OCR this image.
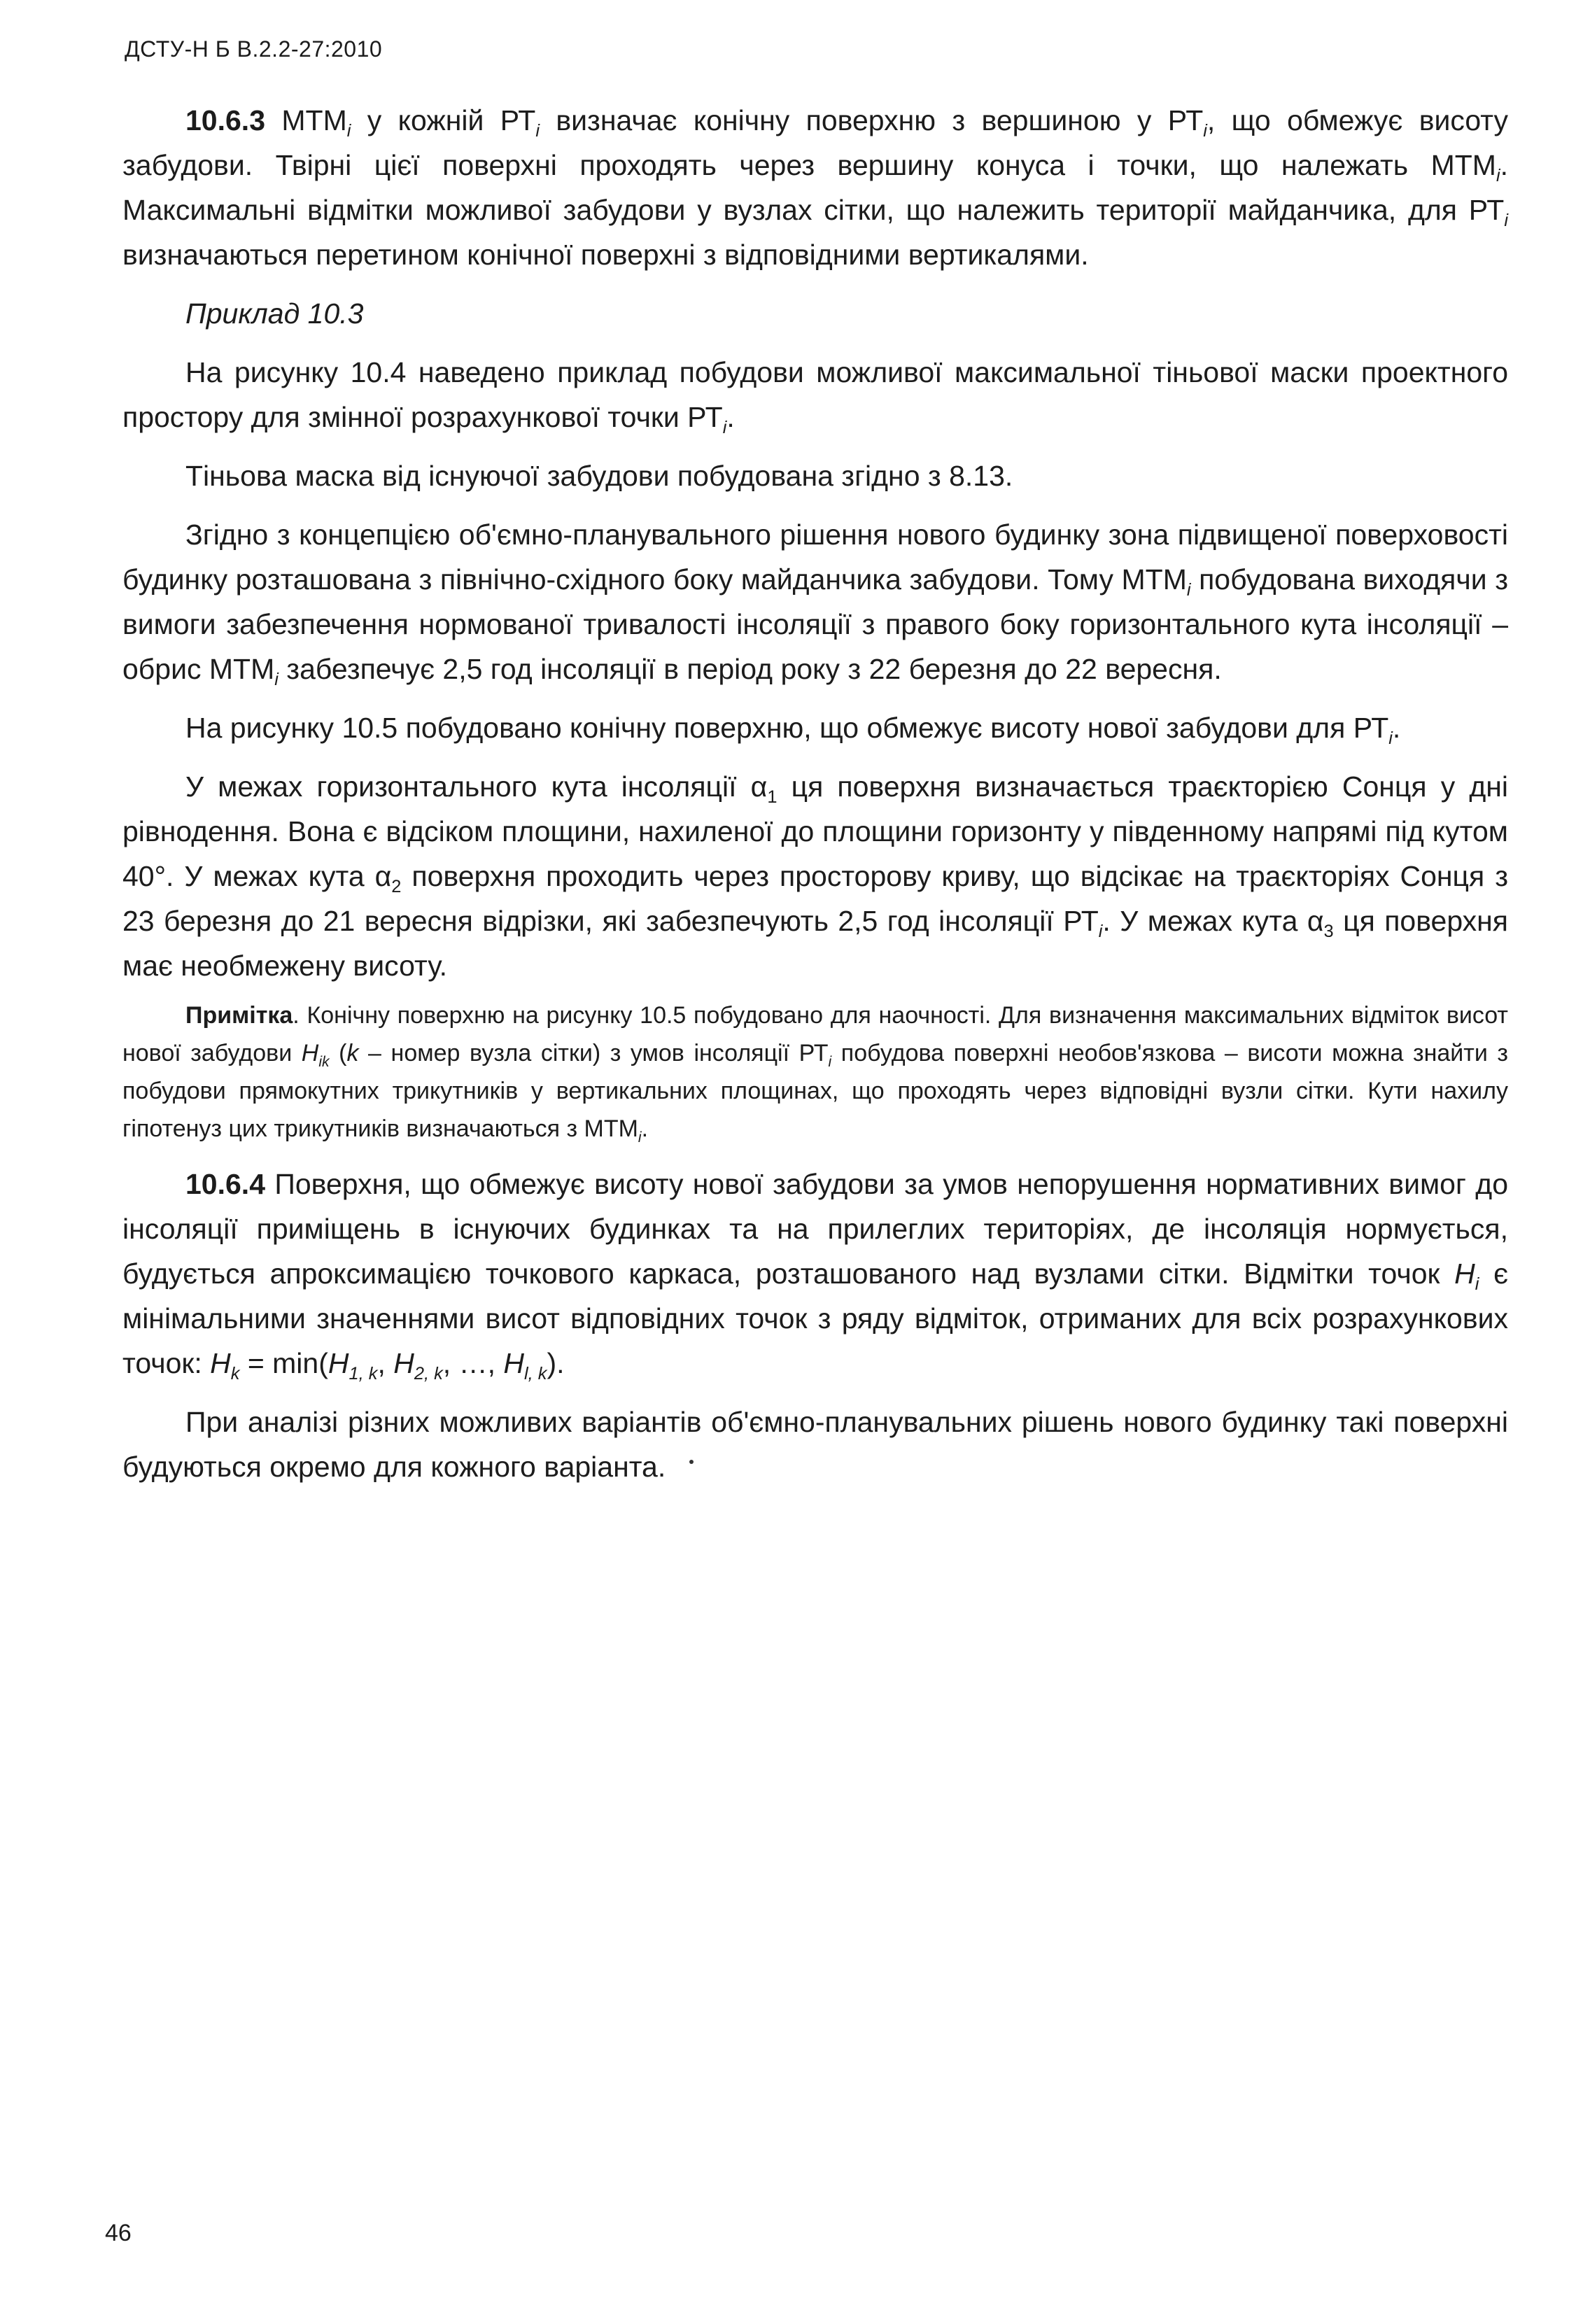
ДСТУ-Н Б В.2.2-27:2010

10.6.3 $МТМ_i$ у кожній $РТ_i$ визначає конічну поверхню з вершиною у $РТ_i$, що обмежує висоту забудови. Твірні цієї поверхні проходять через вершину конуса і точки, що належать $МТМ_i$. Максимальні відмітки можливої забудови у вузлах сітки, що належить території майданчика, для $РТ_i$ визначаються перетином конічної поверхні з відповідними вертикалями.

Приклад 10.3

На рисунку 10.4 наведено приклад побудови можливої максимальної тіньової маски проектного простору для змінної розрахункової точки $РТ_i$.

Тіньова маска від існуючої забудови побудована згідно з 8.13.

Згідно з концепцією об'ємно-планувального рішення нового будинку зона підвищеної поверховості будинку розташована з північно-східного боку майданчика забудови. Тому $МТМ_i$ побудована виходячи з вимоги забезпечення нормованої тривалості інсоляції з правого боку горизонтального кута інсоляції – обрис $МТМ_i$ забезпечує 2,5 год інсоляції в період року з 22 березня до 22 вересня.

На рисунку 10.5 побудовано конічну поверхню, що обмежує висоту нової забудови для $РТ_i$.

У межах горизонтального кута інсоляції $\alpha_1$ ця поверхня визначається траєкторією Сонця у дні рівнодення. Вона є відсіком площини, нахиленої до площини горизонту у південному напрямі під кутом 40°. У межах кута $\alpha_2$ поверхня проходить через просторову криву, що відсікає на траєкторіях Сонця з 23 березня до 21 вересня відрізки, які забезпечують 2,5 год інсоляції $РТ_i$. У межах кута $\alpha_3$ ця поверхня має необмежену висоту.

Примітка. Конічну поверхню на рисунку 10.5 побудовано для наочності. Для визначення максимальних відміток висот нової забудови $H_{ik}$ (k – номер вузла сітки) з умов інсоляції $РТ_i$ побудова поверхні необов'язкова – висоти можна знайти з побудови прямокутних трикутників у вертикальних площинах, що проходять через відповідні вузли сітки. Кути нахилу гіпотенуз цих трикутників визначаються з $МТМ_i$.

10.6.4 Поверхня, що обмежує висоту нової забудови за умов непорушення нормативних вимог до інсоляції приміщень в існуючих будинках та на прилеглих територіях, де інсоляція нормується, будується апроксимацією точкового каркаса, розташованого над вузлами сітки. Відмітки точок $H_i$ є мінімальними значеннями висот відповідних точок з ряду відміток, отриманих для всіх розрахункових точок: $H_k = \min(H_{1, k}$, $H_{2, k}$, …, $H_{l, k}$).

При аналізі різних можливих варіантів об'ємно-планувальних рішень нового будинку такі поверхні будуються окремо для кожного варіанта.

46
